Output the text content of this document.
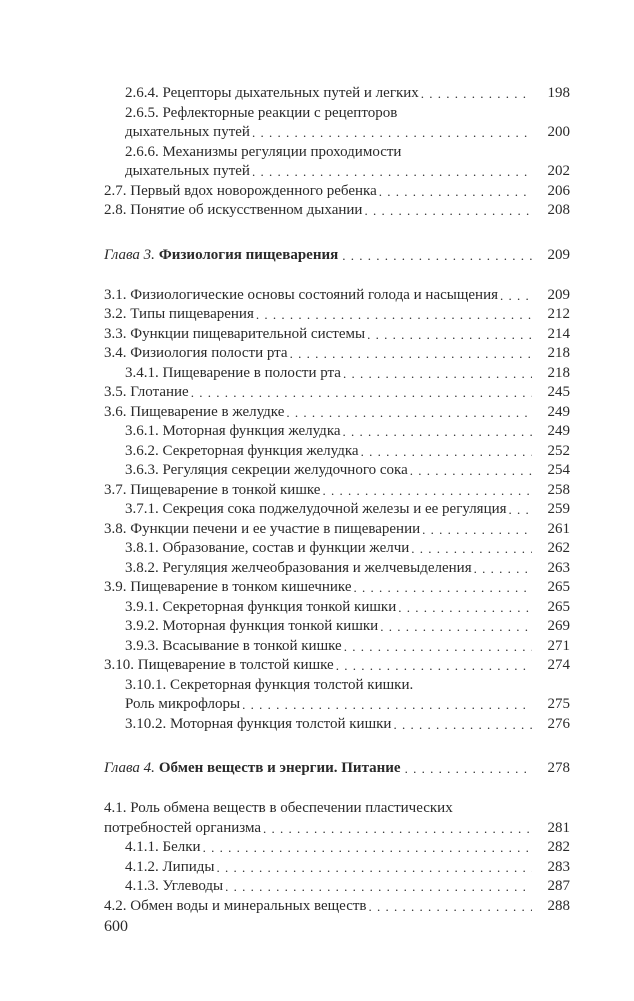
2.6.4. Рецепторы дыхательных путей и легких . . .	198
2.6.5. Рефлекторные реакции с рецепторов
дыхательных путей . . .	200
2.6.6. Механизмы регуляции проходимости
дыхательных путей . . .	202
2.7. Первый вдох новорожденного ребенка . . .	206
2.8. Понятие об искусственном дыхании . . .	208
Глава 3. Физиология пищеварения . . .	209
3.1. Физиологические основы состояний голода и насыщения . . .	209
3.2. Типы пищеварения . . .	212
3.3. Функции пищеварительной системы . . .	214
3.4. Физиология полости рта . . .	218
3.4.1. Пищеварение в полости рта . . .	218
3.5. Глотание . . .	245
3.6. Пищеварение в желудке . . .	249
3.6.1. Моторная функция желудка . . .	249
3.6.2. Секреторная функция желудка . . .	252
3.6.3. Регуляция секреции желудочного сока . . .	254
3.7. Пищеварение в тонкой кишке . . .	258
3.7.1. Секреция сока поджелудочной железы и ее регуляция . . .	259
3.8. Функции печени и ее участие в пищеварении . . .	261
3.8.1. Образование, состав и функции желчи . . .	262
3.8.2. Регуляция желчеобразования и желчевыделения . . .	263
3.9. Пищеварение в тонком кишечнике . . .	265
3.9.1. Секреторная функция тонкой кишки . . .	265
3.9.2. Моторная функция тонкой кишки . . .	269
3.9.3. Всасывание в тонкой кишке . . .	271
3.10. Пищеварение в толстой кишке . . .	274
3.10.1. Секреторная функция толстой кишки.
Роль микрофлоры . . .	275
3.10.2. Моторная функция толстой кишки . . .	276
Глава 4. Обмен веществ и энергии. Питание . . .	278
4.1. Роль обмена веществ в обеспечении пластических
потребностей организма . . .	281
4.1.1. Белки . . .	282
4.1.2. Липиды . . .	283
4.1.3. Углеводы . . .	287
4.2. Обмен воды и минеральных веществ . . .	288
600
